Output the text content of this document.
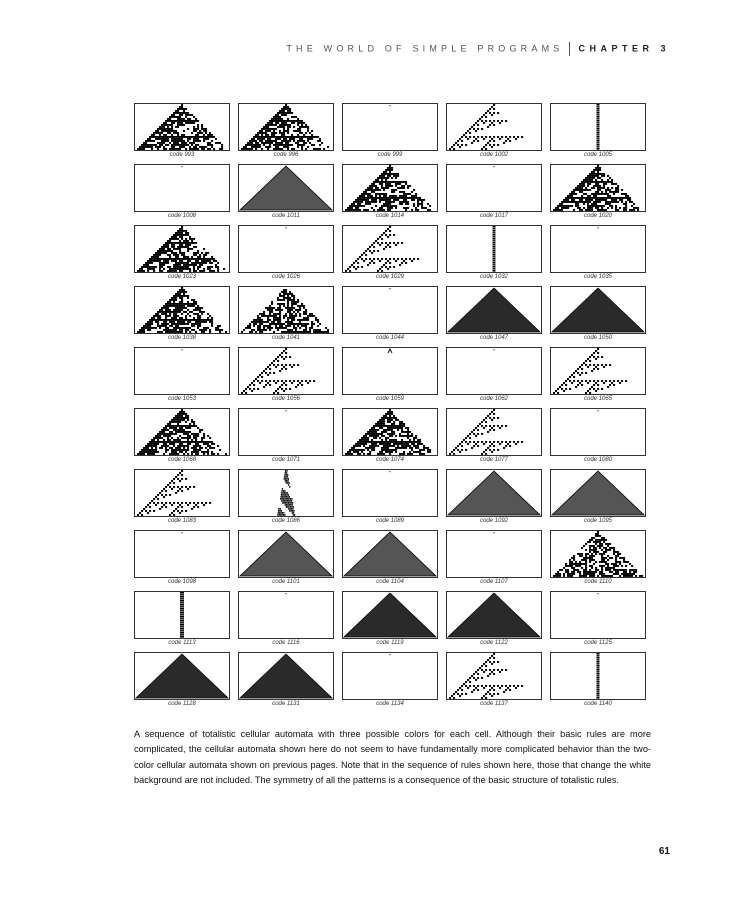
THE WORLD OF SIMPLE PROGRAMS CHAPTER 3
code 993	code 996	code 999	code 1002	code 1005
code 1008	code 1011	code 1014	code 1017	code 1020
code 1023	code 1026	code 1029	code 1032	code 1035
code 1038	code 1041	code 1044	code 1047	code 1050
code 1053	code 1056	code 1059	code 1062	code 1065
code 1068	code 1071	code 1074	code 1077	code 1080
code 1083	code 1086	code 1089	code 1092	code 1095
code 1098	code 1101	code 1104	code 1107	code 1110
code 1113	code 1116	code 1119	code 1122	code 1125
code 1128	code 1131	code 1134	code 1137	code 1140
A sequence of totalistic cellular automata with three possible colors for each cell. Although their basic rules are more complicated, the cellular automata shown here do not seem to have fundamentally more complicated behavior than the two-color cellular automata shown on previous pages. Note that in the sequence of rules shown here, those that change the white background are not included. The symmetry of all the patterns is a consequence of the basic structure of totalistic rules.
61
